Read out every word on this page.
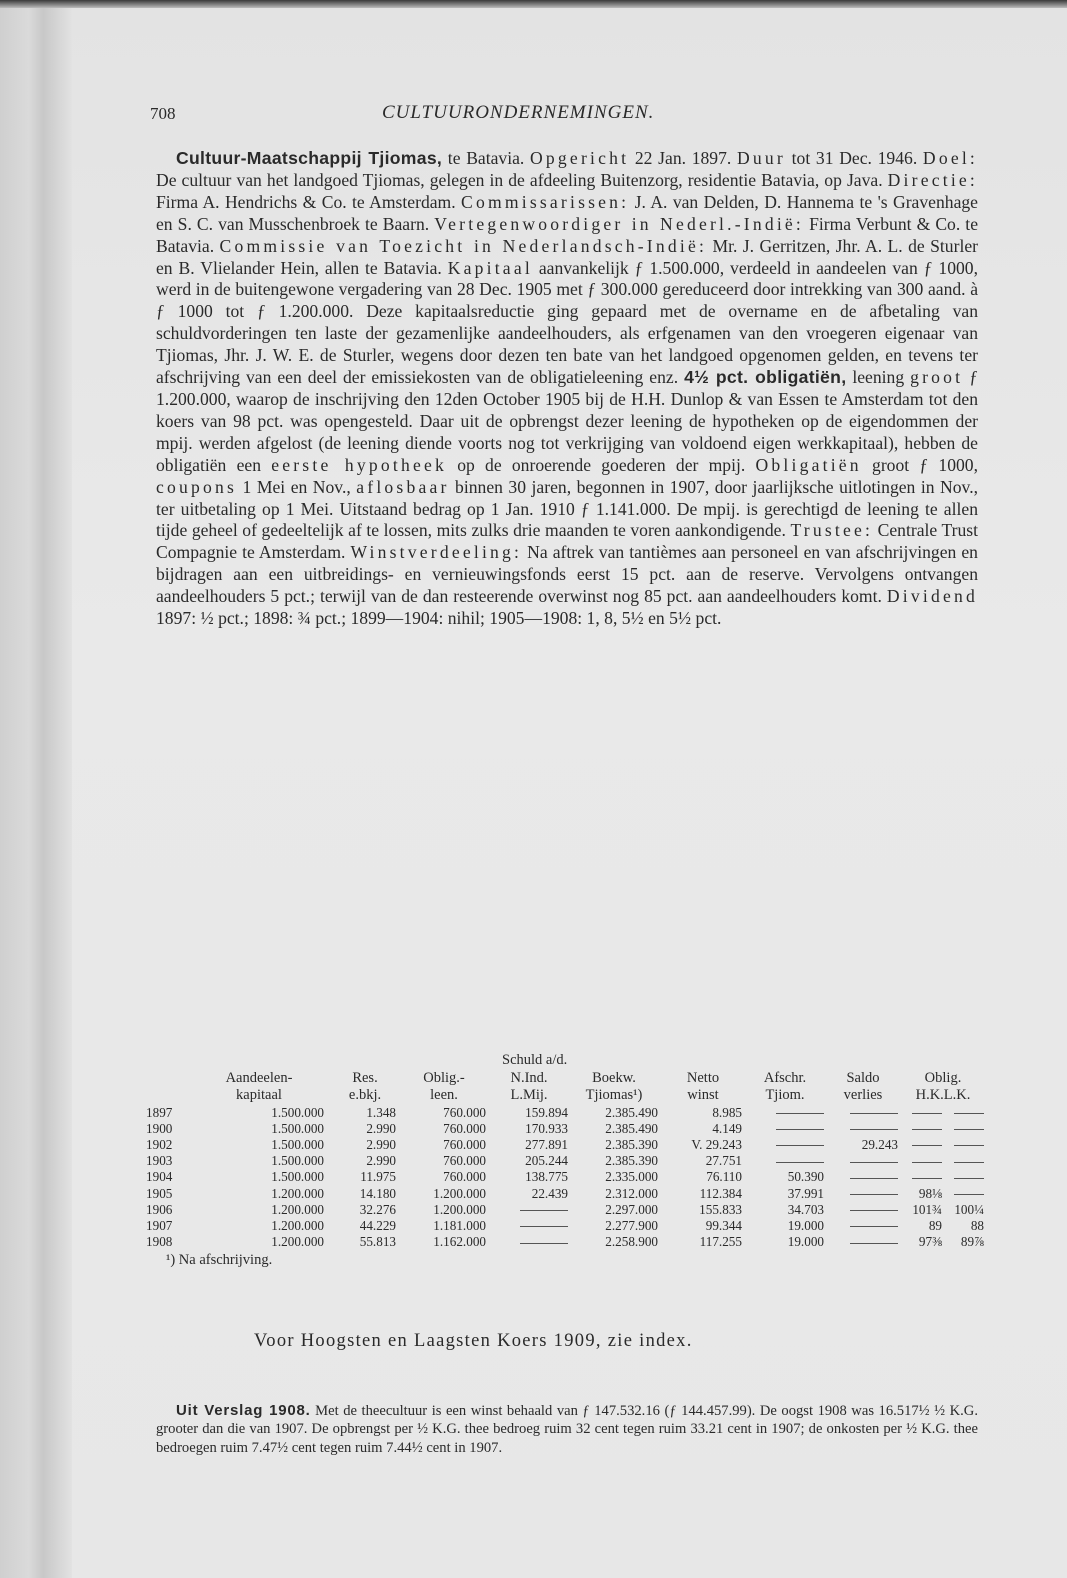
708	CULTUURONDERNEMINGEN.

Cultuur-Maatschappij Tjiomas, te Batavia. Opgericht 22 Jan. 1897. Duur tot 31 Dec. 1946. Doel: De cultuur van het landgoed Tjiomas, gelegen in de afdeeling Buitenzorg, residentie Batavia, op Java. Directie: Firma A. Hendrichs & Co. te Amsterdam. Commissarissen: J. A. van Delden, D. Hannema te 's Gravenhage en S. C. van Musschenbroek te Baarn. Vertegenwoordiger in Nederl.-Indië: Firma Verbunt & Co. te Batavia. Commissie van Toezicht in Nederlandsch-Indië: Mr. J. Gerritzen, Jhr. A. L. de Sturler en B. Vlielander Hein, allen te Batavia. Kapitaal aanvankelijk ƒ 1.500.000, verdeeld in aandeelen van ƒ 1000, werd in de buitengewone vergadering van 28 Dec. 1905 met ƒ 300.000 gereduceerd door intrekking van 300 aand. à ƒ 1000 tot ƒ 1.200.000. Deze kapitaalsreductie ging gepaard met de overname en de afbetaling van schuldvorderingen ten laste der gezamenlijke aandeelhouders, als erfgenamen van den vroegeren eigenaar van Tjiomas, Jhr. J. W. E. de Sturler, wegens door dezen ten bate van het landgoed opgenomen gelden, en tevens ter afschrijving van een deel der emissiekosten van de obligatieleening enz. 4½ pct. obligatiën, leening groot ƒ 1.200.000, waarop de inschrijving den 12den October 1905 bij de H.H. Dunlop & van Essen te Amsterdam tot den koers van 98 pct. was opengesteld. Daar uit de opbrengst dezer leening de hypotheken op de eigendommen der mpij. werden afgelost (de leening diende voorts nog tot verkrijging van voldoend eigen werkkapitaal), hebben de obligatiën een eerste hypotheek op de onroerende goederen der mpij. Obligatiën groot ƒ 1000, coupons 1 Mei en Nov., aflosbaar binnen 30 jaren, begonnen in 1907, door jaarlijksche uitlotingen in Nov., ter uitbetaling op 1 Mei. Uitstaand bedrag op 1 Jan. 1910 ƒ 1.141.000. De mpij. is gerechtigd de leening te allen tijde geheel of gedeeltelijk af te lossen, mits zulks drie maanden te voren aankondigende. Trustee: Centrale Trust Compagnie te Amsterdam. Winstverdeeling: Na aftrek van tantièmes aan personeel en van afschrijvingen en bijdragen aan een uitbreidings- en vernieuwingsfonds eerst 15 pct. aan de reserve. Vervolgens ontvangen aandeelhouders 5 pct.; terwijl van de dan resteerende overwinst nog 85 pct. aan aandeelhouders komt. Dividend 1897: ½ pct.; 1898: ¾ pct.; 1899—1904: nihil; 1905—1908: 1, 8, 5½ en 5½ pct.

				Schuld a/d.						
	Aandeelen-	Res.	Oblig.-	N.Ind.	Boekw.	Netto	Afschr.	Saldo	Oblig.	
	kapitaal	e.bkj.	leen.	L.Mij.	Tjiomas¹)	winst	Tjiom.	verlies	H.K.L.K.	
1897	1.500.000	1.348	760.000	159.894	2.385.490	8.985				
1900	1.500.000	2.990	760.000	170.933	2.385.490	4.149				
1902	1.500.000	2.990	760.000	277.891	2.385.390	V. 29.243		29.243		
1903	1.500.000	2.990	760.000	205.244	2.385.390	27.751				
1904	1.500.000	11.975	760.000	138.775	2.335.000	76.110	50.390			
1905	1.200.000	14.180	1.200.000	22.439	2.312.000	112.384	37.991		98⅛	
1906	1.200.000	32.276	1.200.000		2.297.000	155.833	34.703		101¾	100¼
1907	1.200.000	44.229	1.181.000		2.277.900	99.344	19.000		89	88
1908	1.200.000	55.813	1.162.000		2.258.900	117.255	19.000		97⅜	89⅞
¹) Na afschrijving.
Voor Hoogsten en Laagsten Koers 1909, zie index.

Uit Verslag 1908. Met de theecultuur is een winst behaald van ƒ 147.532.16 (ƒ 144.457.99). De oogst 1908 was 16.517½ ½ K.G. grooter dan die van 1907. De opbrengst per ½ K.G. thee bedroeg ruim 32 cent tegen ruim 33.21 cent in 1907; de onkosten per ½ K.G. thee bedroegen ruim 7.47½ cent tegen ruim 7.44½ cent in 1907.
